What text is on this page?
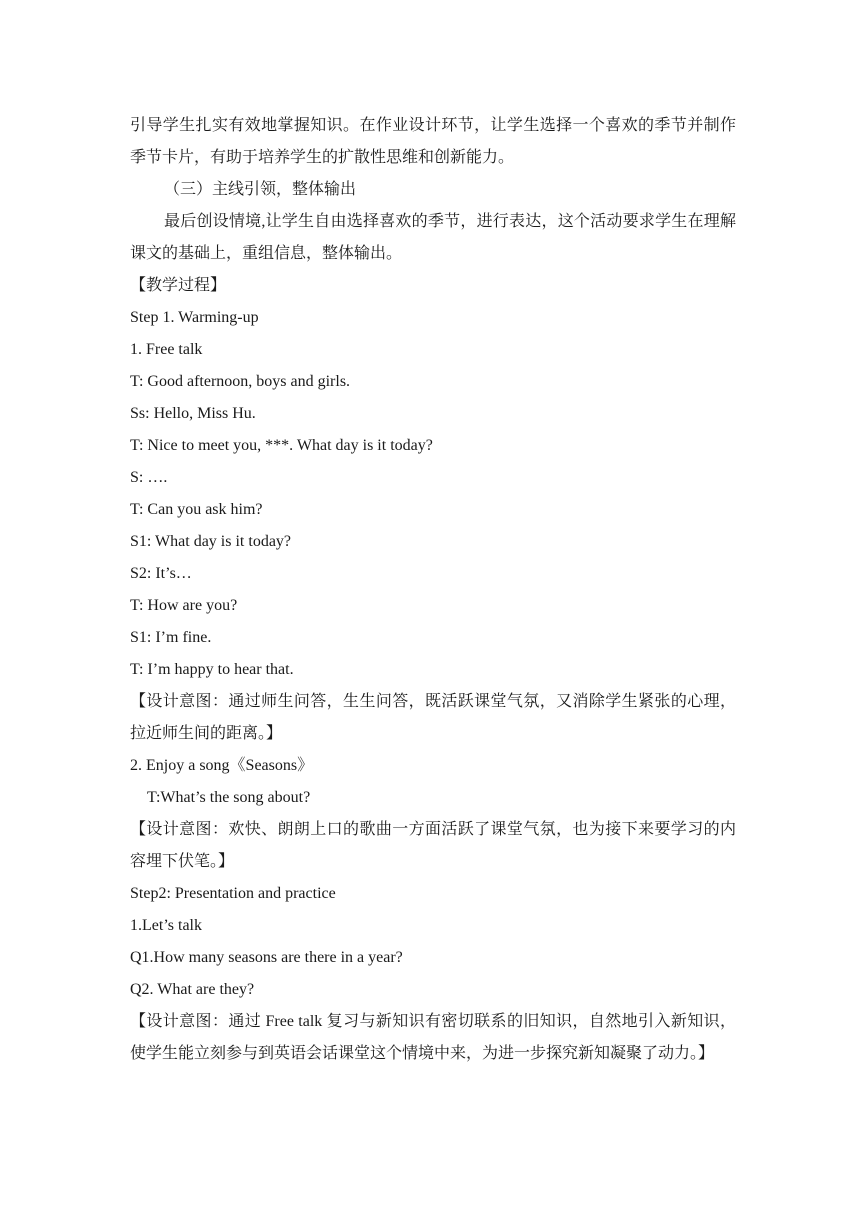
引导学生扎实有效地掌握知识。在作业设计环节，让学生选择一个喜欢的季节并制作季节卡片，有助于培养学生的扩散性思维和创新能力。
（三）主线引领，整体输出
最后创设情境,让学生自由选择喜欢的季节，进行表达，这个活动要求学生在理解课文的基础上，重组信息，整体输出。
【教学过程】
Step 1. Warming-up
1. Free talk
T: Good afternoon, boys and girls.
Ss: Hello, Miss Hu.
T: Nice to meet you, ***. What day is it today?
S: ….
T: Can you ask him?
S1: What day is it today?
S2: It’s…
T: How are you?
S1: I’m fine.
T: I’m happy to hear that.
【设计意图：通过师生问答，生生问答，既活跃课堂气氛，又消除学生紧张的心理，拉近师生间的距离。】
2. Enjoy a song《Seasons》
T:What’s the song about?
【设计意图：欢快、朗朗上口的歌曲一方面活跃了课堂气氛，也为接下来要学习的内容埋下伏笔。】
Step2: Presentation and practice
1.Let’s talk
Q1.How many seasons are there in a year?
Q2. What are they?
【设计意图：通过 Free talk 复习与新知识有密切联系的旧知识，自然地引入新知识，使学生能立刻参与到英语会话课堂这个情境中来，为进一步探究新知凝聚了动力。】
